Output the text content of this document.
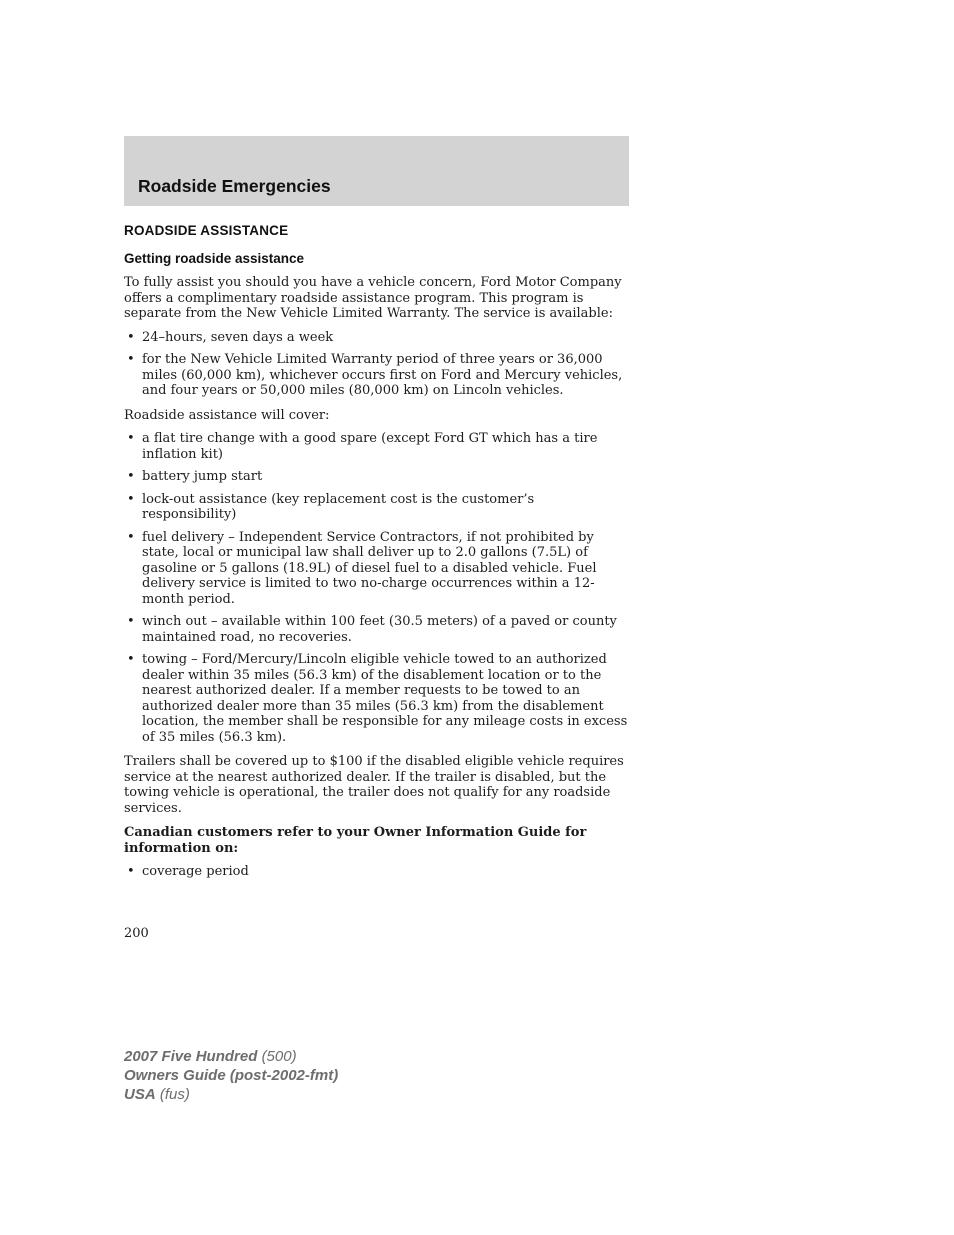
Roadside Emergencies
ROADSIDE ASSISTANCE
Getting roadside assistance

To fully assist you should you have a vehicle concern, Ford Motor Company offers a complimentary roadside assistance program. This program is separate from the New Vehicle Limited Warranty. The service is available:

• 24–hours, seven days a week
• for the New Vehicle Limited Warranty period of three years or 36,000 miles (60,000 km), whichever occurs first on Ford and Mercury vehicles, and four years or 50,000 miles (80,000 km) on Lincoln vehicles.

Roadside assistance will cover:

• a flat tire change with a good spare (except Ford GT which has a tire inflation kit)
• battery jump start
• lock-out assistance (key replacement cost is the customer’s responsibility)
• fuel delivery – Independent Service Contractors, if not prohibited by state, local or municipal law shall deliver up to 2.0 gallons (7.5L) of gasoline or 5 gallons (18.9L) of diesel fuel to a disabled vehicle. Fuel delivery service is limited to two no-charge occurrences within a 12-month period.
• winch out – available within 100 feet (30.5 meters) of a paved or county maintained road, no recoveries.
• towing – Ford/Mercury/Lincoln eligible vehicle towed to an authorized dealer within 35 miles (56.3 km) of the disablement location or to the nearest authorized dealer. If a member requests to be towed to an authorized dealer more than 35 miles (56.3 km) from the disablement location, the member shall be responsible for any mileage costs in excess of 35 miles (56.3 km).

Trailers shall be covered up to $100 if the disabled eligible vehicle requires service at the nearest authorized dealer. If the trailer is disabled, but the towing vehicle is operational, the trailer does not qualify for any roadside services.

Canadian customers refer to your Owner Information Guide for information on:

• coverage period
200
2007 Five Hundred (500)
Owners Guide (post-2002-fmt)
USA (fus)
